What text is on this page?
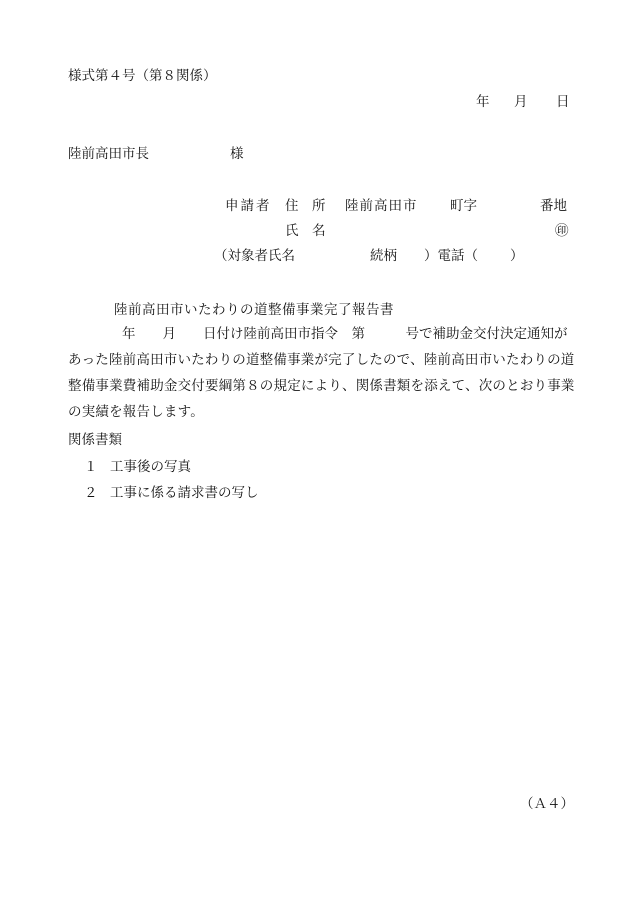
様式第４号（第８関係）
年 月 日
陸前高田市長	様
申請者 住　所 陸前高田市 町字	番地
氏　名	㊞
（対象者氏名	続柄 ）電話（ ）
陸前高田市いたわりの道整備事業完了報告書
　　　　年　　月　　日付け陸前高田市指令　第　　　号で補助金交付決定通知が
あった陸前高田市いたわりの道整備事業が完了したので、陸前高田市いたわりの道整備事業費補助金交付要綱第８の規定により、関係書類を添えて、次のとおり事業の実績を報告します。
関係書類
１ 工事後の写真
２ 工事に係る請求書の写し
（Ａ４）
